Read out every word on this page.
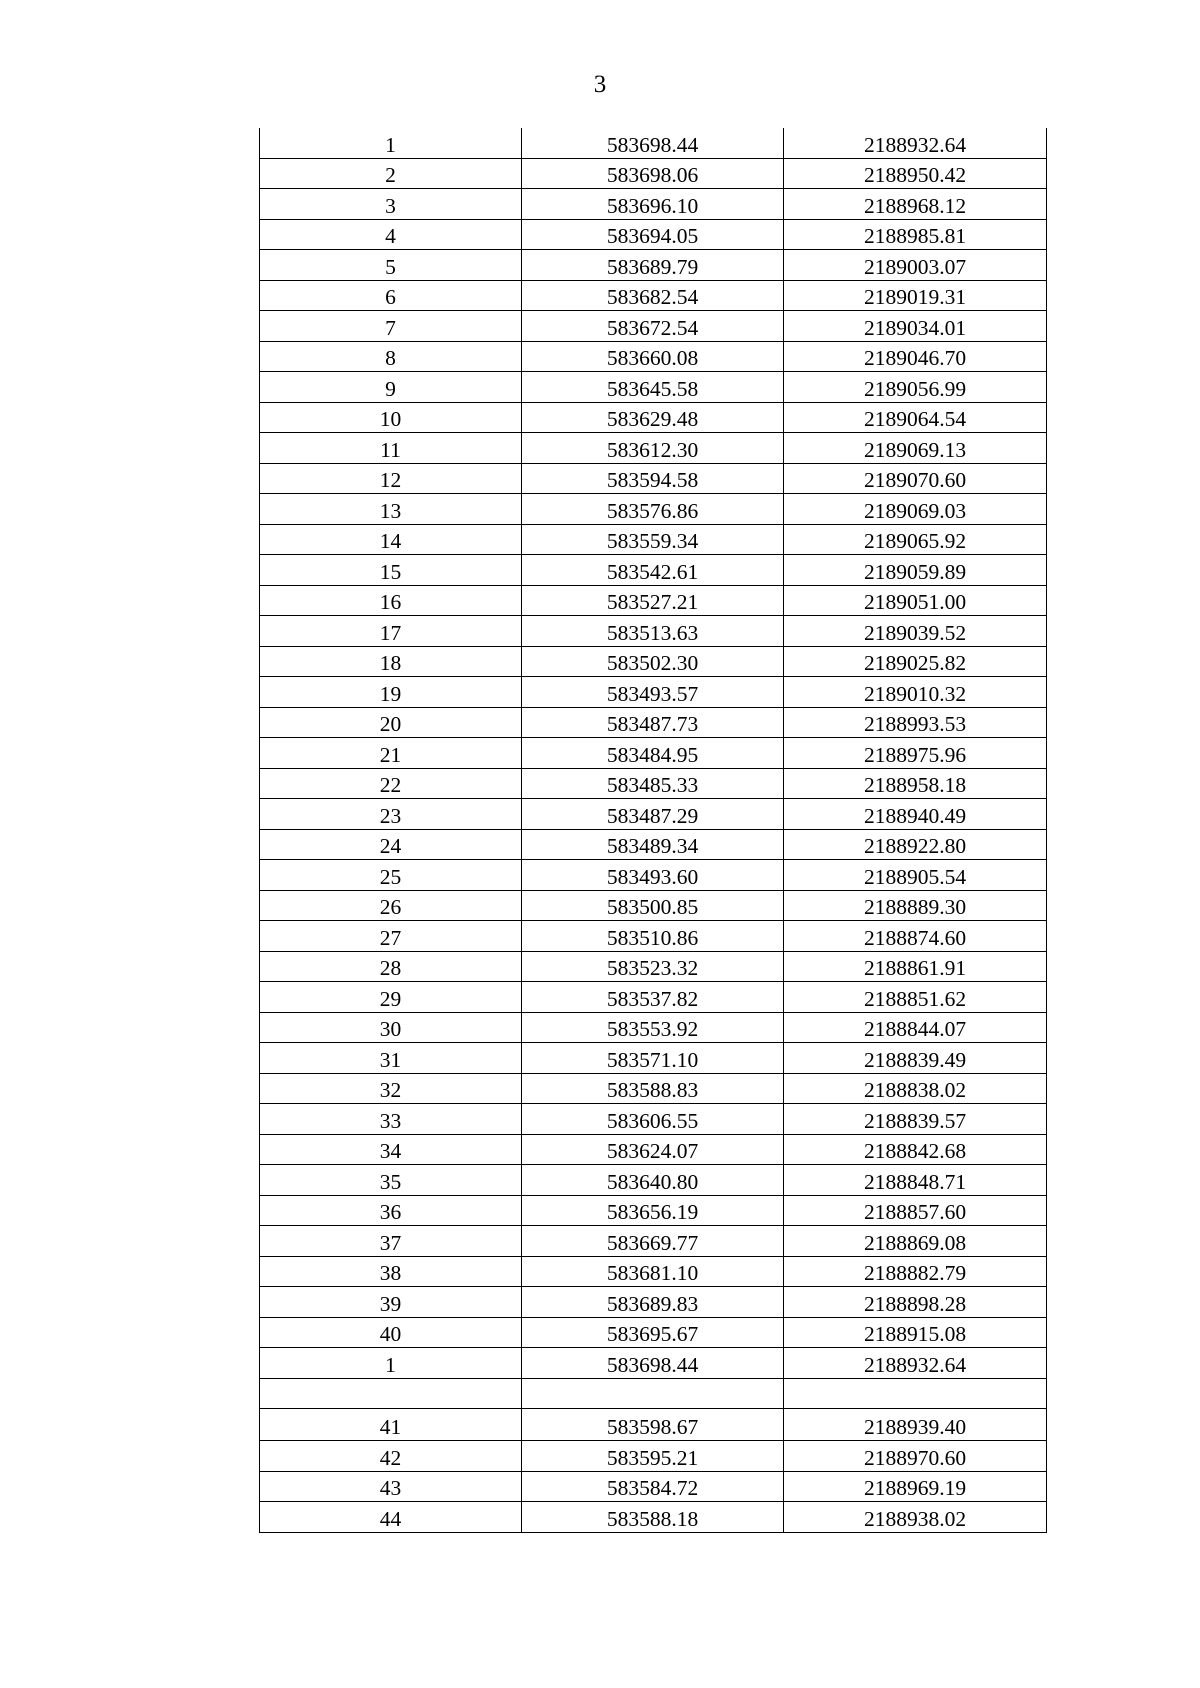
3
1	583698.44	2188932.64
2	583698.06	2188950.42
3	583696.10	2188968.12
4	583694.05	2188985.81
5	583689.79	2189003.07
6	583682.54	2189019.31
7	583672.54	2189034.01
8	583660.08	2189046.70
9	583645.58	2189056.99
10	583629.48	2189064.54
11	583612.30	2189069.13
12	583594.58	2189070.60
13	583576.86	2189069.03
14	583559.34	2189065.92
15	583542.61	2189059.89
16	583527.21	2189051.00
17	583513.63	2189039.52
18	583502.30	2189025.82
19	583493.57	2189010.32
20	583487.73	2188993.53
21	583484.95	2188975.96
22	583485.33	2188958.18
23	583487.29	2188940.49
24	583489.34	2188922.80
25	583493.60	2188905.54
26	583500.85	2188889.30
27	583510.86	2188874.60
28	583523.32	2188861.91
29	583537.82	2188851.62
30	583553.92	2188844.07
31	583571.10	2188839.49
32	583588.83	2188838.02
33	583606.55	2188839.57
34	583624.07	2188842.68
35	583640.80	2188848.71
36	583656.19	2188857.60
37	583669.77	2188869.08
38	583681.10	2188882.79
39	583689.83	2188898.28
40	583695.67	2188915.08
1	583698.44	2188932.64

41	583598.67	2188939.40
42	583595.21	2188970.60
43	583584.72	2188969.19
44	583588.18	2188938.02
